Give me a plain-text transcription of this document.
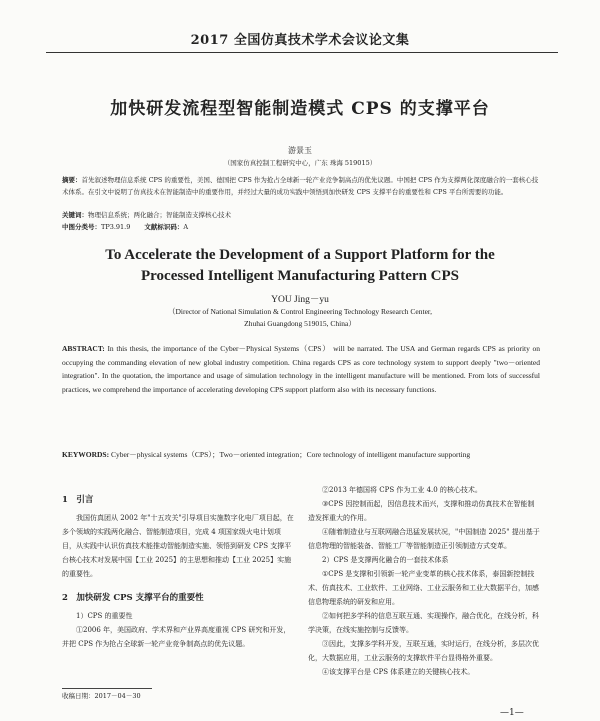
2017 全国仿真技术学术会议论文集
加快研发流程型智能制造模式 CPS 的支撑平台
游景玉
（国家仿真控制工程研究中心，广东 珠海 519015）
摘要：首先叙述物理信息系统 CPS 的重要性，美国、德国把 CPS 作为抢占全球新一轮产业竞争制高点的优先议题。中国把 CPS 作为支撑两化深度融合的一套核心技术体系。在引文中说明了仿真技术在智能制造中的重要作用，并经过大量的成功实践中领悟到加快研发 CPS 支撑平台的重要性和 CPS 平台所需要的功能。
关键词：物理信息系统；两化融合；智能制造支撑核心技术
中图分类号：TP3.91.9 文献标识码：A
To Accelerate the Development of a Support Platform for the
Processed Intelligent Manufacturing Pattern CPS
YOU Jing－yu
（Director of National Simulation & Control Engineering Technology Research Center,
Zhuhai Guangdong 519015, China）
ABSTRACT: In this thesis, the importance of the Cyber－Physical Systems（CPS） will be narrated. The USA and German regards CPS as priority on occupying the commanding elevation of new global industry competition. China regards CPS as core technology system to support deeply "two－oriented integration". In the quotation, the importance and usage of simulation technology in the intelligent manufacture will be mentioned. From lots of successful practices, we comprehend the importance of accelerating developing CPS support platform also with its necessary functions.
KEYWORDS: Cyber－physical systems（CPS）；Two－oriented integration；Core technology of intelligent manufacture supporting

1　引言

我国仿真团从 2002 年"十五攻关"引导项目实施数字化电厂项目起，在多个领域的实践两化融合、智能制造项目，完成 4 项国家级火电计划项目，从实践中认识仿真技术能推动智能制造实施、领悟到研发 CPS 支撑平台核心技术对发展中国【工业 2025】的主思想和推动【工业 2025】实施的重要性。

2　加快研发 CPS 支撑平台的重要性

1）CPS 的重要性

①2006 年，美国政府、学术界和产业界高度重视 CPS 研究和开发，并把 CPS 作为抢占全球新一轮产业竞争制高点的优先议题。

②2013 年德国将 CPS 作为工业 4.0 的核心技术。

③CPS 因控制而起，因信息技术而兴，支撑和推动仿真技术在智能制造发挥重大的作用。

④随着制造业与互联网融合迅猛发展状况，"中国制造 2025" 提出基于信息物理的智能装备、智能工厂等智能制造正引领制造方式变革。

2）CPS 是支撑两化融合的一套技术体系

①CPS 是支撑和引领新一轮产业变革的核心技术体系，泰国新控制技术、仿真技术、工业软件、工业网络、工业云服务和工业大数据平台，加感信息物理系统的研发和应用。

②如何把多学科的信息互联互通、实现操作，融合优化，在线分析，科学决策，在线实施控制与反馈等。

③因此，支撑多学科开发，互联互通，实时运行，在线分析，多层次优化，大数据应用，工业云服务的支撑软件平台显得格外重要。

④该支撑平台是 CPS 体系建立的关键核心技术。

收稿日期：2017－04－30
—1—
